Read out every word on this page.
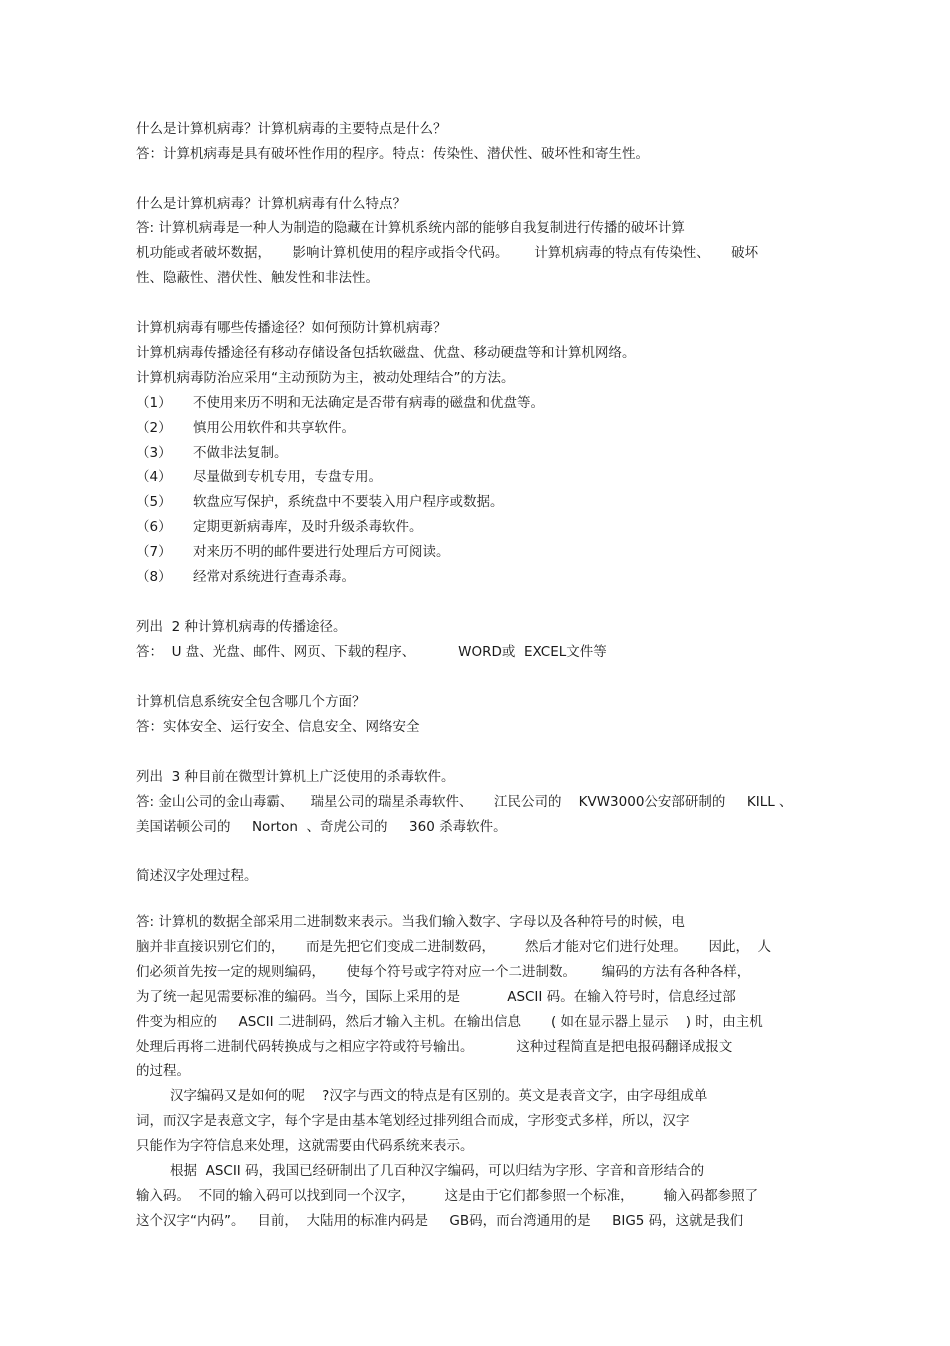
什么是计算机病毒？计算机病毒的主要特点是什么？
答：计算机病毒是具有破坏性作用的程序。特点：传染性、潜伏性、破坏性和寄生性。
什么是计算机病毒？计算机病毒有什么特点？
答: 计算机病毒是一种人为制造的隐藏在计算机系统内部的能够自我复制进行传播的破坏计算
机功能或者破坏数据，     影响计算机使用的程序或指令代码。      计算机病毒的特点有传染性、     破坏
性、隐蔽性、潜伏性、触发性和非法性。
计算机病毒有哪些传播途径？如何预防计算机病毒？
计算机病毒传播途径有移动存储设备包括软磁盘、优盘、移动硬盘等和计算机网络。
计算机病毒防治应采用“主动预防为主，被动处理结合”的方法。
（1） 不使用来历不明和无法确定是否带有病毒的磁盘和优盘等。
（2） 慎用公用软件和共享软件。
（3） 不做非法复制。
（4） 尽量做到专机专用，专盘专用。
（5） 软盘应写保护，系统盘中不要装入用户程序或数据。
（6） 定期更新病毒库，及时升级杀毒软件。
（7） 对来历不明的邮件要进行处理后方可阅读。
（8） 经常对系统进行查毒杀毒。
列出  2 种计算机病毒的传播途径。
答：  U 盘、光盘、邮件、网页、下载的程序、          WORD或  EXCEL文件等
计算机信息系统安全包含哪几个方面？
答：实体安全、运行安全、信息安全、网络安全
列出  3 种目前在微型计算机上广泛使用的杀毒软件。
答: 金山公司的金山毒霸、    瑞星公司的瑞星杀毒软件、     江民公司的    KVW3000公安部研制的     KILL 、
美国诺顿公司的     Norton  、奇虎公司的     360 杀毒软件。
简述汉字处理过程。
答: 计算机的数据全部采用二进制数来表示。当我们输入数字、字母以及各种符号的时候，电
脑并非直接识别它们的，     而是先把它们变成二进制数码，       然后才能对它们进行处理。     因此，  人
们必须首先按一定的规则编码，     使每个符号或字符对应一个二进制数。      编码的方法有各种各样，
为了统一起见需要标准的编码。当今，国际上采用的是           ASCII 码。在输入符号时，信息经过部
件变为相应的     ASCII 二进制码，然后才输入主机。在输出信息       ( 如在显示器上显示    ) 时，由主机
处理后再将二进制代码转换成与之相应字符或符号输出。          这种过程简直是把电报码翻译成报文
的过程。
汉字编码又是如何的呢    ?汉字与西文的特点是有区别的。英文是表音文字，由字母组成单
词，而汉字是表意文字，每个字是由基本笔划经过排列组合而成，字形变式多样，所以，汉字
只能作为字符信息来处理，这就需要由代码系统来表示。
根据  ASCII 码，我国已经研制出了几百种汉字编码，可以归结为字形、字音和音形结合的
输入码。  不同的输入码可以找到同一个汉字，       这是由于它们都参照一个标准，       输入码都参照了
这个汉字“内码”。   目前，  大陆用的标准内码是     GB码，而台湾通用的是     BIG5 码，这就是我们
